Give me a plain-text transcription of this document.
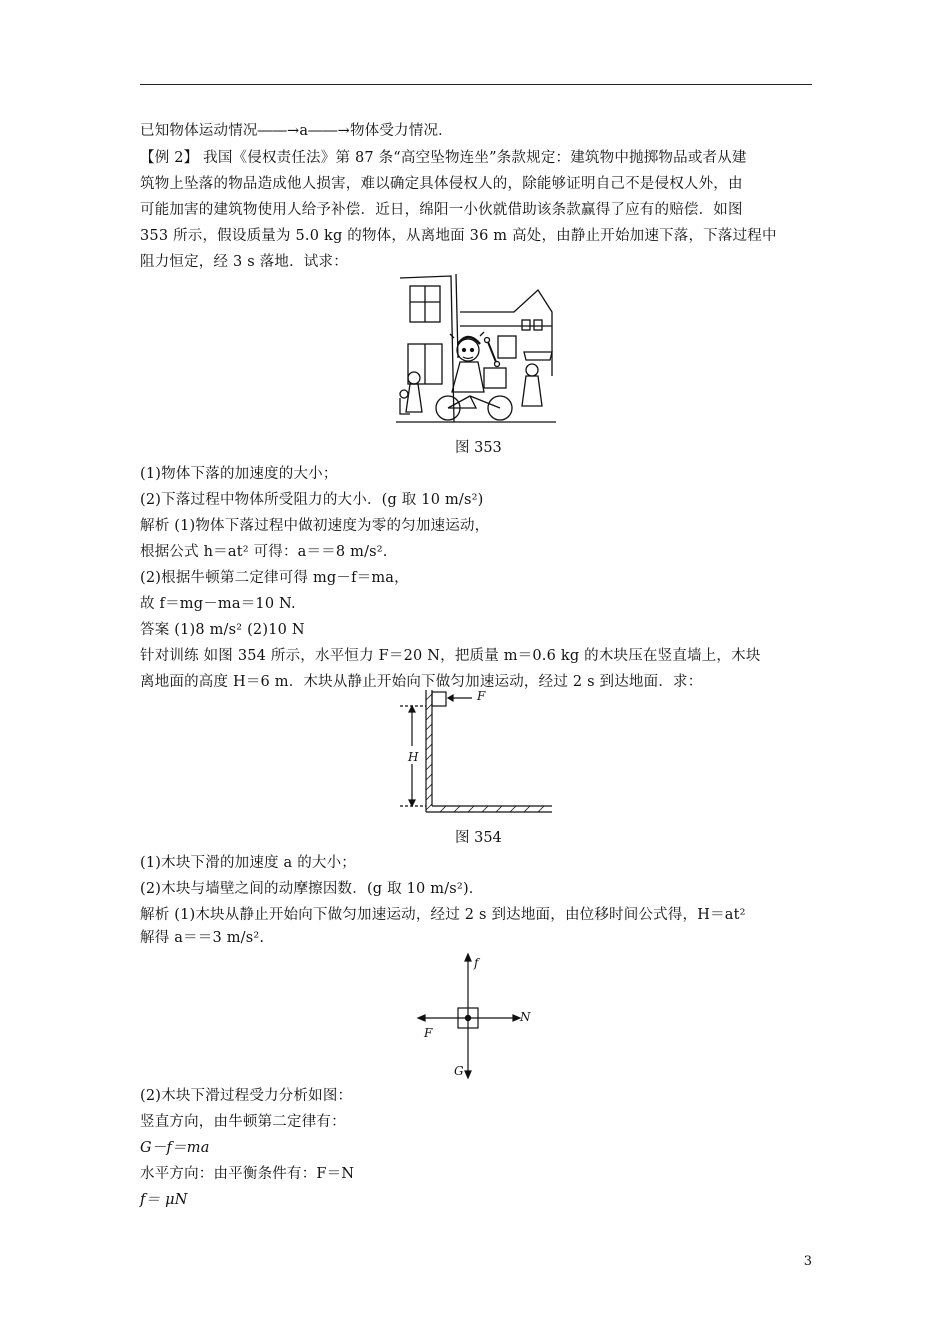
已知物体运动情况――→a――→物体受力情况．
【例 2】 我国《侵权责任法》第 87 条“高空坠物连坐”条款规定：建筑物中抛掷物品或者从建
筑物上坠落的物品造成他人损害，难以确定具体侵权人的，除能够证明自己不是侵权人外，由
可能加害的建筑物使用人给予补偿．近日，绵阳一小伙就借助该条款赢得了应有的赔偿．如图
353 所示，假设质量为 5.0 kg 的物体，从离地面 36 m 高处，由静止开始加速下落，下落过程中
阻力恒定，经 3 s 落地．试求：
图 353
(1)物体下落的加速度的大小；
(2)下落过程中物体所受阻力的大小．(g 取 10 m/s²)
解析 (1)物体下落过程中做初速度为零的匀加速运动，
根据公式 h＝at² 可得：a＝＝8 m/s².
(2)根据牛顿第二定律可得 mg－f＝ma，
故 f＝mg－ma＝10 N.
答案 (1)8 m/s² (2)10 N
针对训练 如图 354 所示，水平恒力 F＝20 N，把质量 m＝0.6 kg 的木块压在竖直墙上，木块
离地面的高度 H＝6 m．木块从静止开始向下做匀加速运动，经过 2 s 到达地面．求：
F
H
图 354
(1)木块下滑的加速度 a 的大小；
(2)木块与墙壁之间的动摩擦因数．(g 取 10 m/s²)．
解析 (1)木块从静止开始向下做匀加速运动，经过 2 s 到达地面，由位移时间公式得，H＝at²
解得 a＝＝3 m/s².
f
N
F
G
(2)木块下滑过程受力分析如图：
竖直方向，由牛顿第二定律有：
G－f＝ma
水平方向：由平衡条件有：F＝N
f＝ μN
3
